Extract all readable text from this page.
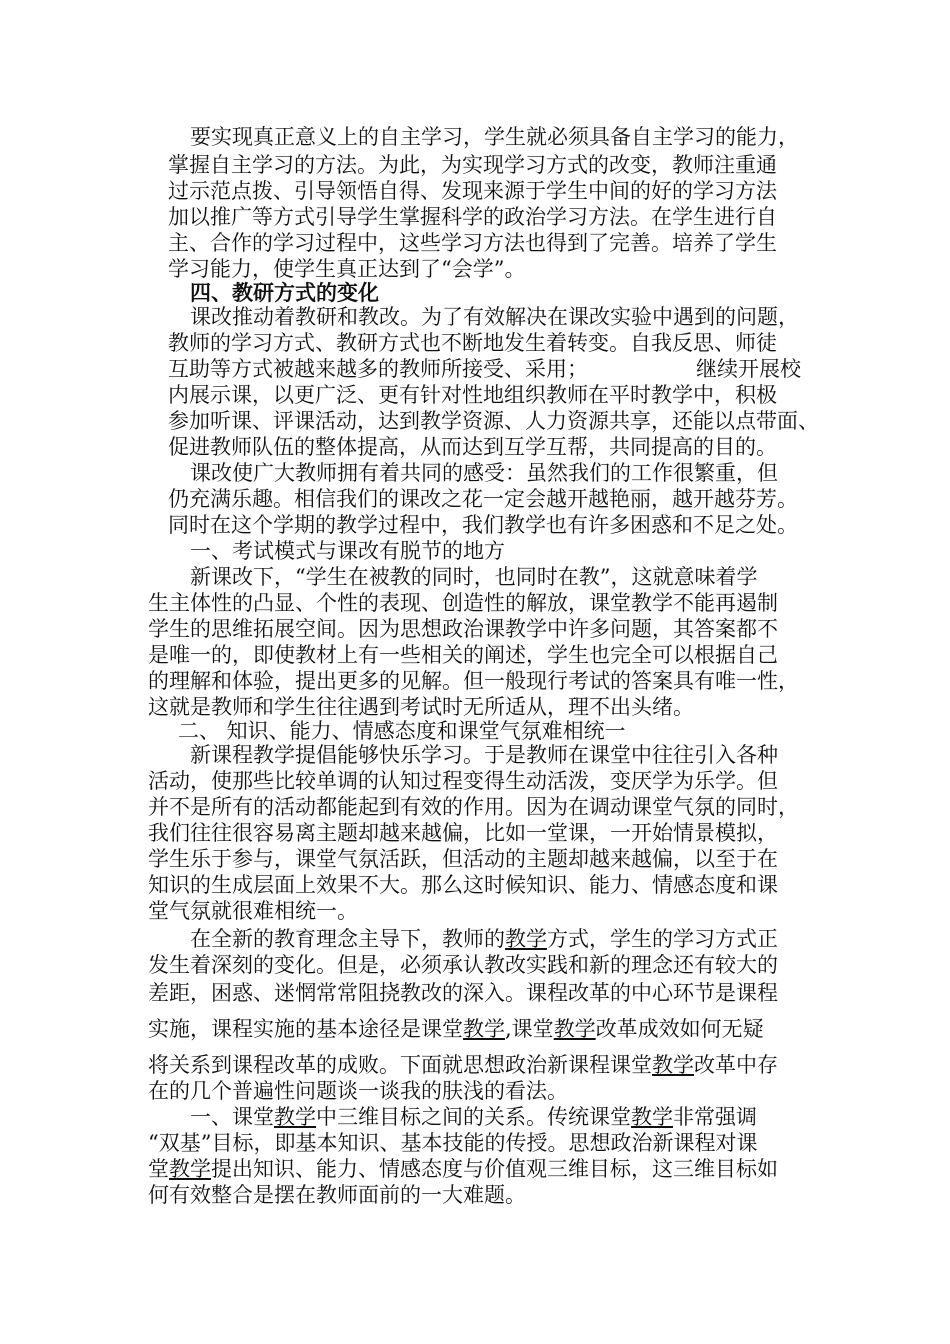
要实现真正意义上的自主学习，学生就必须具备自主学习的能力，

掌握自主学习的方法。为此，为实现学习方式的改变，教师注重通

过示范点拨、引导领悟自得、发现来源于学生中间的好的学习方法

加以推广等方式引导学生掌握科学的政治学习方法。在学生进行自

主、合作的学习过程中，这些学习方法也得到了完善。培养了学生

学习能力，使学生真正达到了“会学”。

四、教研方式的变化

课改推动着教研和教改。为了有效解决在课改实验中遇到的问题，

教师的学习方式、教研方式也不断地发生着转变。自我反思、师徒

互助等方式被越来越多的教师所接受、采用；	继续开展校

内展示课，以更广泛、更有针对性地组织教师在平时教学中，积极

参加听课、评课活动，达到教学资源、人力资源共享，还能以点带面、

促进教师队伍的整体提高，从而达到互学互帮，共同提高的目的。

课改使广大教师拥有着共同的感受：虽然我们的工作很繁重，但

仍充满乐趣。相信我们的课改之花一定会越开越艳丽，越开越芬芳。

同时在这个学期的教学过程中，我们教学也有许多困惑和不足之处。

一、考试模式与课改有脱节的地方

新课改下，“学生在被教的同时，也同时在教”，这就意味着学

生主体性的凸显、个性的表现、创造性的解放，课堂教学不能再遏制

学生的思维拓展空间。因为思想政治课教学中许多问题，其答案都不

是唯一的，即使教材上有一些相关的阐述，学生也完全可以根据自己

的理解和体验，提出更多的见解。但一般现行考试的答案具有唯一性，

这就是教师和学生往往遇到考试时无所适从，理不出头绪。

二、 知识、能力、情感态度和课堂气氛难相统一

新课程教学提倡能够快乐学习。于是教师在课堂中往往引入各种

活动，使那些比较单调的认知过程变得生动活泼，变厌学为乐学。但

并不是所有的活动都能起到有效的作用。因为在调动课堂气氛的同时，

我们往往很容易离主题却越来越偏，比如一堂课，一开始情景模拟，

学生乐于参与，课堂气氛活跃，但活动的主题却越来越偏，以至于在

知识的生成层面上效果不大。那么这时候知识、能力、情感态度和课

堂气氛就很难相统一。

在全新的教育理念主导下，教师的教学方式，学生的学习方式正

发生着深刻的变化。但是，必须承认教改实践和新的理念还有较大的

差距，困惑、迷惘常常阻挠教改的深入。课程改革的中心环节是课程

实施，课程实施的基本途径是课堂教学,课堂教学改革成效如何无疑

将关系到课程改革的成败。下面就思想政治新课程课堂教学改革中存

在的几个普遍性问题谈一谈我的肤浅的看法。

一、课堂教学中三维目标之间的关系。传统课堂教学非常强调

“双基”目标，即基本知识、基本技能的传授。思想政治新课程对课

堂教学提出知识、能力、情感态度与价值观三维目标，这三维目标如

何有效整合是摆在教师面前的一大难题。
